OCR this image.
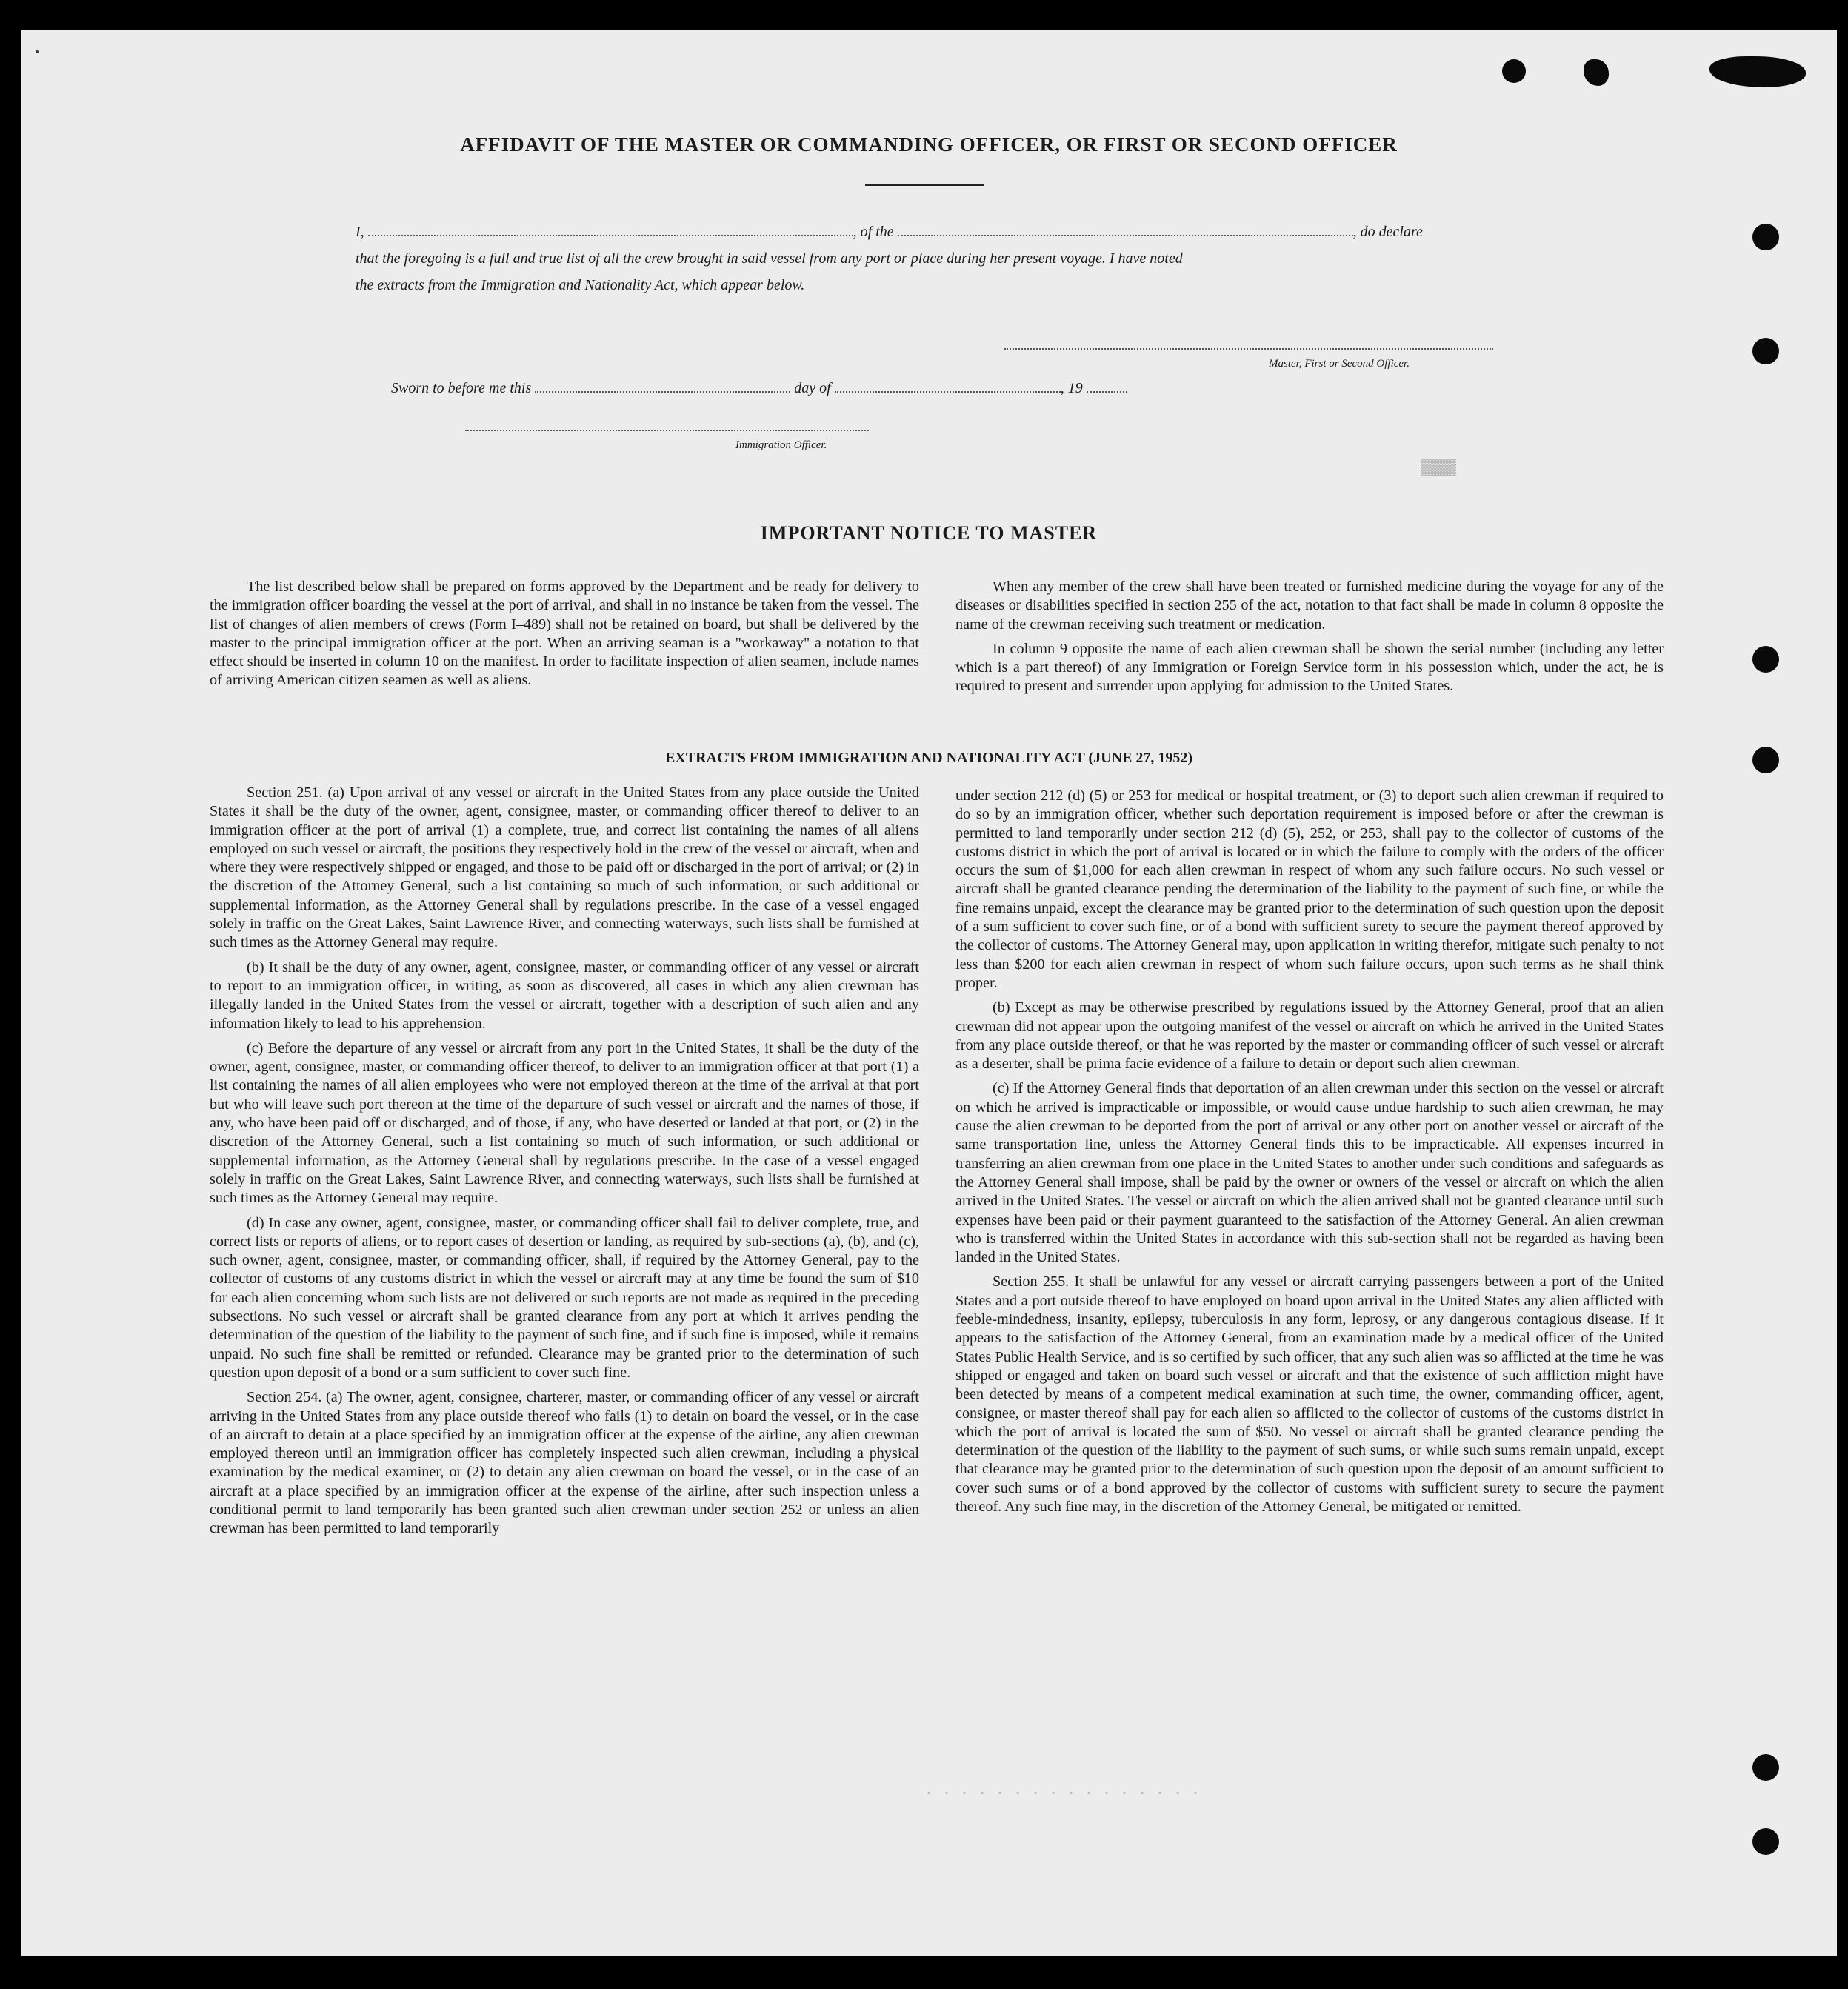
AFFIDAVIT OF THE MASTER OR COMMANDING OFFICER, OR FIRST OR SECOND OFFICER
I,	, of the	, do declare
that the foregoing is a full and true list of all the crew brought in said vessel from any port or place during her present voyage. I have noted
the extracts from the Immigration and Nationality Act, which appear below.
Master, First or Second Officer.
Sworn to before me this	day of	, 19
Immigration Officer.
▓▓▓▓
· · · · · · · · · · · · · · · ·
IMPORTANT NOTICE TO MASTER

The list described below shall be prepared on forms approved by the Department and be ready for delivery to the immigration officer boarding the vessel at the port of arrival, and shall in no instance be taken from the vessel. The list of changes of alien members of crews (Form I–489) shall not be retained on board, but shall be delivered by the master to the principal immigration officer at the port. When an arriving seaman is a "workaway" a notation to that effect should be inserted in column 10 on the manifest. In order to facilitate inspection of alien seamen, include names of arriving American citizen seamen as well as aliens.

When any member of the crew shall have been treated or furnished medicine during the voyage for any of the diseases or disabilities specified in section 255 of the act, notation to that fact shall be made in column 8 opposite the name of the crewman receiving such treatment or medication.

In column 9 opposite the name of each alien crewman shall be shown the serial number (including any letter which is a part thereof) of any Immigration or Foreign Service form in his possession which, under the act, he is required to present and surrender upon applying for admission to the United States.

EXTRACTS FROM IMMIGRATION AND NATIONALITY ACT (JUNE 27, 1952)

Section 251. (a) Upon arrival of any vessel or aircraft in the United States from any place outside the United States it shall be the duty of the owner, agent, consignee, master, or commanding officer thereof to deliver to an immigration officer at the port of arrival (1) a complete, true, and correct list containing the names of all aliens employed on such vessel or aircraft, the positions they respectively hold in the crew of the vessel or aircraft, when and where they were respectively shipped or engaged, and those to be paid off or discharged in the port of arrival; or (2) in the discretion of the Attorney General, such a list containing so much of such information, or such additional or supplemental information, as the Attorney General shall by regulations prescribe. In the case of a vessel engaged solely in traffic on the Great Lakes, Saint Lawrence River, and connecting waterways, such lists shall be furnished at such times as the Attorney General may require.

(b) It shall be the duty of any owner, agent, consignee, master, or commanding officer of any vessel or aircraft to report to an immigration officer, in writing, as soon as discovered, all cases in which any alien crewman has illegally landed in the United States from the vessel or aircraft, together with a description of such alien and any information likely to lead to his apprehension.

(c) Before the departure of any vessel or aircraft from any port in the United States, it shall be the duty of the owner, agent, consignee, master, or commanding officer thereof, to deliver to an immigration officer at that port (1) a list containing the names of all alien employees who were not employed thereon at the time of the arrival at that port but who will leave such port thereon at the time of the departure of such vessel or aircraft and the names of those, if any, who have been paid off or discharged, and of those, if any, who have deserted or landed at that port, or (2) in the discretion of the Attorney General, such a list containing so much of such information, or such additional or supplemental information, as the Attorney General shall by regulations prescribe. In the case of a vessel engaged solely in traffic on the Great Lakes, Saint Lawrence River, and connecting waterways, such lists shall be furnished at such times as the Attorney General may require.

(d) In case any owner, agent, consignee, master, or commanding officer shall fail to deliver complete, true, and correct lists or reports of aliens, or to report cases of desertion or landing, as required by sub-sections (a), (b), and (c), such owner, agent, consignee, master, or commanding officer, shall, if required by the Attorney General, pay to the collector of customs of any customs district in which the vessel or aircraft may at any time be found the sum of $10 for each alien concerning whom such lists are not delivered or such reports are not made as required in the preceding subsections. No such vessel or aircraft shall be granted clearance from any port at which it arrives pending the determination of the question of the liability to the payment of such fine, and if such fine is imposed, while it remains unpaid. No such fine shall be remitted or refunded. Clearance may be granted prior to the determination of such question upon deposit of a bond or a sum sufficient to cover such fine.

Section 254. (a) The owner, agent, consignee, charterer, master, or commanding officer of any vessel or aircraft arriving in the United States from any place outside thereof who fails (1) to detain on board the vessel, or in the case of an aircraft to detain at a place specified by an immigration officer at the expense of the airline, any alien crewman employed thereon until an immigration officer has completely inspected such alien crewman, including a physical examination by the medical examiner, or (2) to detain any alien crewman on board the vessel, or in the case of an aircraft at a place specified by an immigration officer at the expense of the airline, after such inspection unless a conditional permit to land temporarily has been granted such alien crewman under section 252 or unless an alien crewman has been permitted to land temporarily

under section 212 (d) (5) or 253 for medical or hospital treatment, or (3) to deport such alien crewman if required to do so by an immigration officer, whether such deportation requirement is imposed before or after the crewman is permitted to land temporarily under section 212 (d) (5), 252, or 253, shall pay to the collector of customs of the customs district in which the port of arrival is located or in which the failure to comply with the orders of the officer occurs the sum of $1,000 for each alien crewman in respect of whom any such failure occurs. No such vessel or aircraft shall be granted clearance pending the determination of the liability to the payment of such fine, or while the fine remains unpaid, except the clearance may be granted prior to the determination of such question upon the deposit of a sum sufficient to cover such fine, or of a bond with sufficient surety to secure the payment thereof approved by the collector of customs. The Attorney General may, upon application in writing therefor, mitigate such penalty to not less than $200 for each alien crewman in respect of whom such failure occurs, upon such terms as he shall think proper.

(b) Except as may be otherwise prescribed by regulations issued by the Attorney General, proof that an alien crewman did not appear upon the outgoing manifest of the vessel or aircraft on which he arrived in the United States from any place outside thereof, or that he was reported by the master or commanding officer of such vessel or aircraft as a deserter, shall be prima facie evidence of a failure to detain or deport such alien crewman.

(c) If the Attorney General finds that deportation of an alien crewman under this section on the vessel or aircraft on which he arrived is impracticable or impossible, or would cause undue hardship to such alien crewman, he may cause the alien crewman to be deported from the port of arrival or any other port on another vessel or aircraft of the same transportation line, unless the Attorney General finds this to be impracticable. All expenses incurred in transferring an alien crewman from one place in the United States to another under such conditions and safeguards as the Attorney General shall impose, shall be paid by the owner or owners of the vessel or aircraft on which the alien arrived in the United States. The vessel or aircraft on which the alien arrived shall not be granted clearance until such expenses have been paid or their payment guaranteed to the satisfaction of the Attorney General. An alien crewman who is transferred within the United States in accordance with this sub-section shall not be regarded as having been landed in the United States.

Section 255. It shall be unlawful for any vessel or aircraft carrying passengers between a port of the United States and a port outside thereof to have employed on board upon arrival in the United States any alien afflicted with feeble-mindedness, insanity, epilepsy, tuberculosis in any form, leprosy, or any dangerous contagious disease. If it appears to the satisfaction of the Attorney General, from an examination made by a medical officer of the United States Public Health Service, and is so certified by such officer, that any such alien was so afflicted at the time he was shipped or engaged and taken on board such vessel or aircraft and that the existence of such affliction might have been detected by means of a competent medical examination at such time, the owner, commanding officer, agent, consignee, or master thereof shall pay for each alien so afflicted to the collector of customs of the customs district in which the port of arrival is located the sum of $50. No vessel or aircraft shall be granted clearance pending the determination of the question of the liability to the payment of such sums, or while such sums remain unpaid, except that clearance may be granted prior to the determination of such question upon the deposit of an amount sufficient to cover such sums or of a bond approved by the collector of customs with sufficient surety to secure the payment thereof. Any such fine may, in the discretion of the Attorney General, be mitigated or remitted.
